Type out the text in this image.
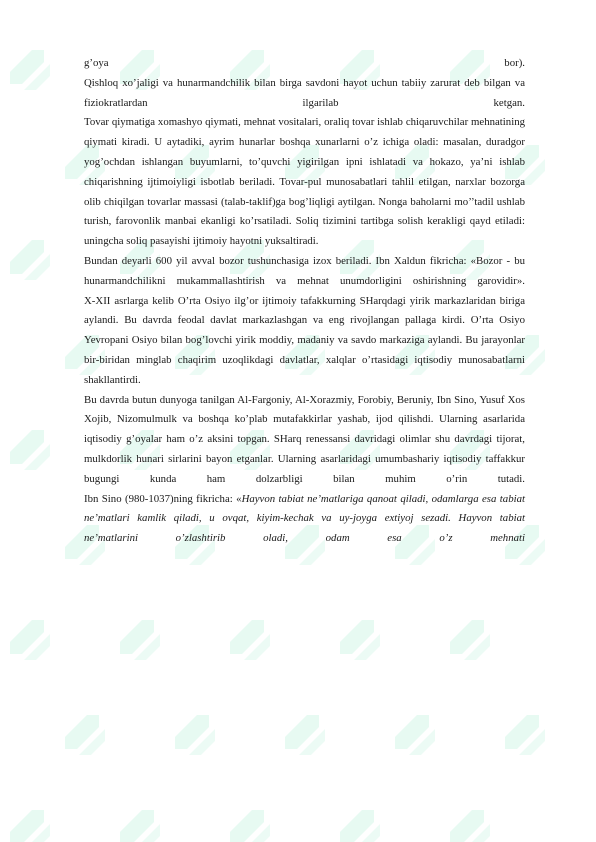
g’oya bor).

Qishloq xo’jaligi va hunarmandchilik bilan birga savdoni hayot uchun tabiiy zarurat deb bilgan va fiziokratlardan ilgarilab ketgan.

Tovar qiymatiga xomashyo qiymati, mehnat vositalari, oraliq tovar ishlab chiqaruvchilar mehnatining qiymati kiradi. U aytadiki, ayrim hunarlar boshqa xunarlarni o’z ichiga oladi: masalan, duradgor yog’ochdan ishlangan buyumlarni, to’quvchi yigirilgan ipni ishlatadi va hokazo, ya’ni ishlab chiqarishning ijtimoiyligi isbotlab beriladi. Tovar-pul munosabatlari tahlil etilgan, narxlar bozorga olib chiqilgan tovarlar massasi (talab-taklif)ga bog’liqligi aytilgan. Nonga baholarni mo’’tadil ushlab turish, farovonlik manbai ekanligi ko’rsatiladi. Soliq tizimini tartibga solish kerakligi qayd etiladi: uningcha soliq pasayishi ijtimoiy hayotni yuksaltiradi.

Bundan deyarli 600 yil avval bozor tushunchasiga izox beriladi. Ibn Xaldun fikricha: «Bozor - bu hunarmandchilikni mukammallashtirish va mehnat unumdorligini oshirishning garovidir».

X-XII asrlarga kelib O’rta Osiyo ilg’or ijtimoiy tafakkurning SHarqdagi yirik markazlaridan biriga aylandi. Bu davrda feodal davlat markazlashgan va eng rivojlangan pallaga kirdi. O’rta Osiyo Yevropani Osiyo bilan bog’lovchi yirik moddiy, madaniy va savdo markaziga aylandi. Bu jarayonlar bir-biridan minglab chaqirim uzoqlikdagi davlatlar, xalqlar o’rtasidagi iqtisodiy munosabatlarni shakllantirdi.

Bu davrda butun dunyoga tanilgan Al-Fargoniy, Al-Xorazmiy, Forobiy, Beruniy, Ibn Sino, Yusuf Xos Xojib, Nizomulmulk va boshqa ko’plab mutafakkirlar yashab, ijod qilishdi. Ularning asarlarida iqtisodiy g’oyalar ham o’z aksini topgan. SHarq renessansi davridagi olimlar shu davrdagi tijorat, mulkdorlik hunari sirlarini bayon etganlar. Ularning asarlaridagi umumbashariy iqtisodiy taffakkur bugungi kunda ham dolzarbligi bilan muhim o’rin tutadi.

Ibn Sino (980-1037)ning fikricha: «Hayvon tabiat ne’matlariga qanoat qiladi, odamlarga esa tabiat ne’matlari kamlik qiladi, u ovqat, kiyim-kechak va uy-joyga extiyoj sezadi. Hayvon tabiat ne’matlarini o’zlashtirib oladi, odam esa o’z mehnati
